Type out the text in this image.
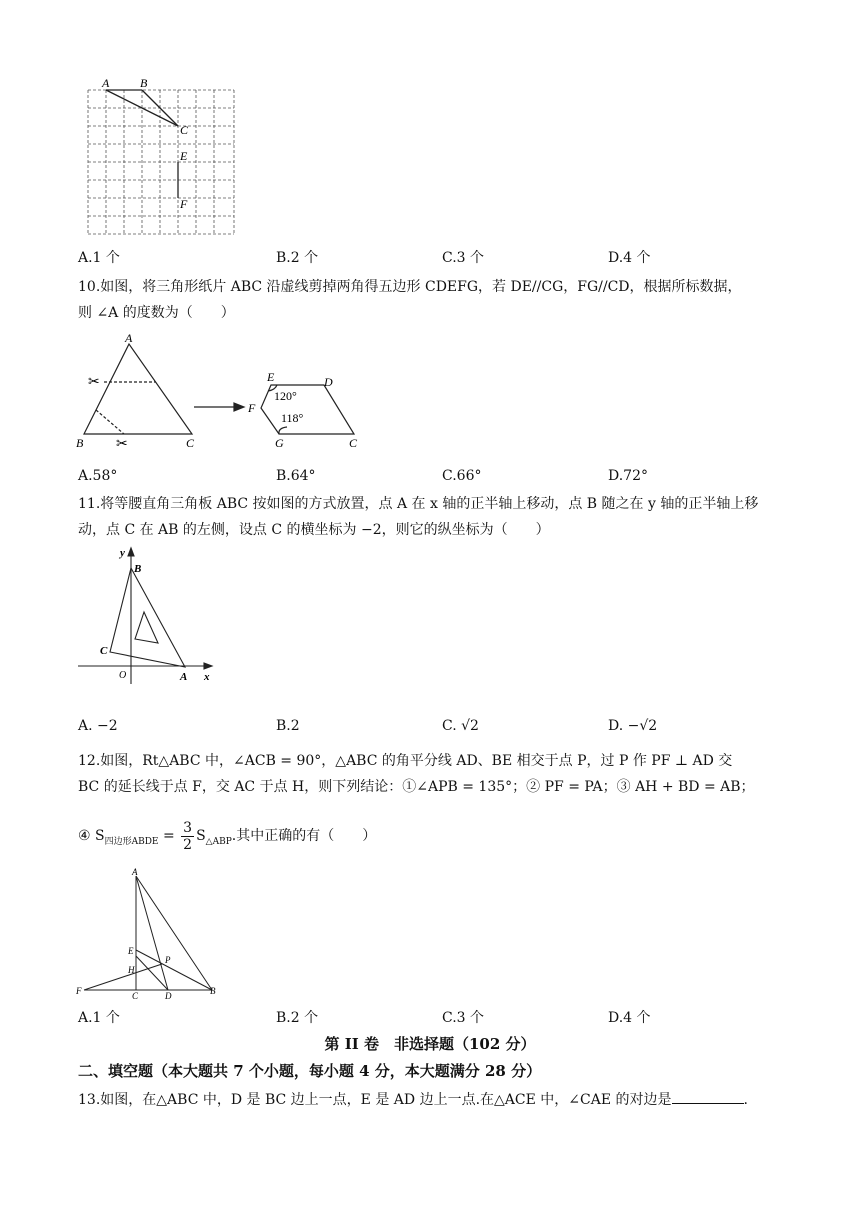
A	B
C
E
F
A.1 个	B.2 个	C.3 个	D.4 个
10.如图，将三角形纸片 ABC 沿虚线剪掉两角得五边形 CDEFG，若 DE//CG，FG//CD，根据所标数据，
则 ∠A 的度数为（　　）
✂
✂
A
B	C
E	D
F
G	C
120°
118°
A.58°	B.64°	C.66°	D.72°
11.将等腰直角三角板 ABC 按如图的方式放置，点 A 在 x 轴的正半轴上移动，点 B 随之在 y 轴的正半轴上移
动，点 C 在 AB 的左侧，设点 C 的横坐标为 −2，则它的纵坐标为（　　）
y
x
B
C
O	A
A. −2	B.2	C. √2	D. −√2
12.如图，Rt△ABC 中，∠ACB = 90°，△ABC 的角平分线 AD、BE 相交于点 P，过 P 作 PF ⊥ AD 交
BC 的延长线于点 F，交 AC 于点 H，则下列结论：①∠APB = 135°；② PF = PA；③ AH + BD = AB；
④ $S_{四边形ABDE} = \frac{3}{2} S_{\triangle ABP}$.其中正确的有（　　）
A
E
P
H
F	C	D	B
A.1 个	B.2 个	C.3 个	D.4 个
第 II 卷　非选择题（102 分）
二、填空题（本大题共 7 个小题，每小题 4 分，本大题满分 28 分）
13.如图，在△ABC 中，D 是 BC 边上一点，E 是 AD 边上一点.在△ACE 中，∠CAE 的对边是	.
